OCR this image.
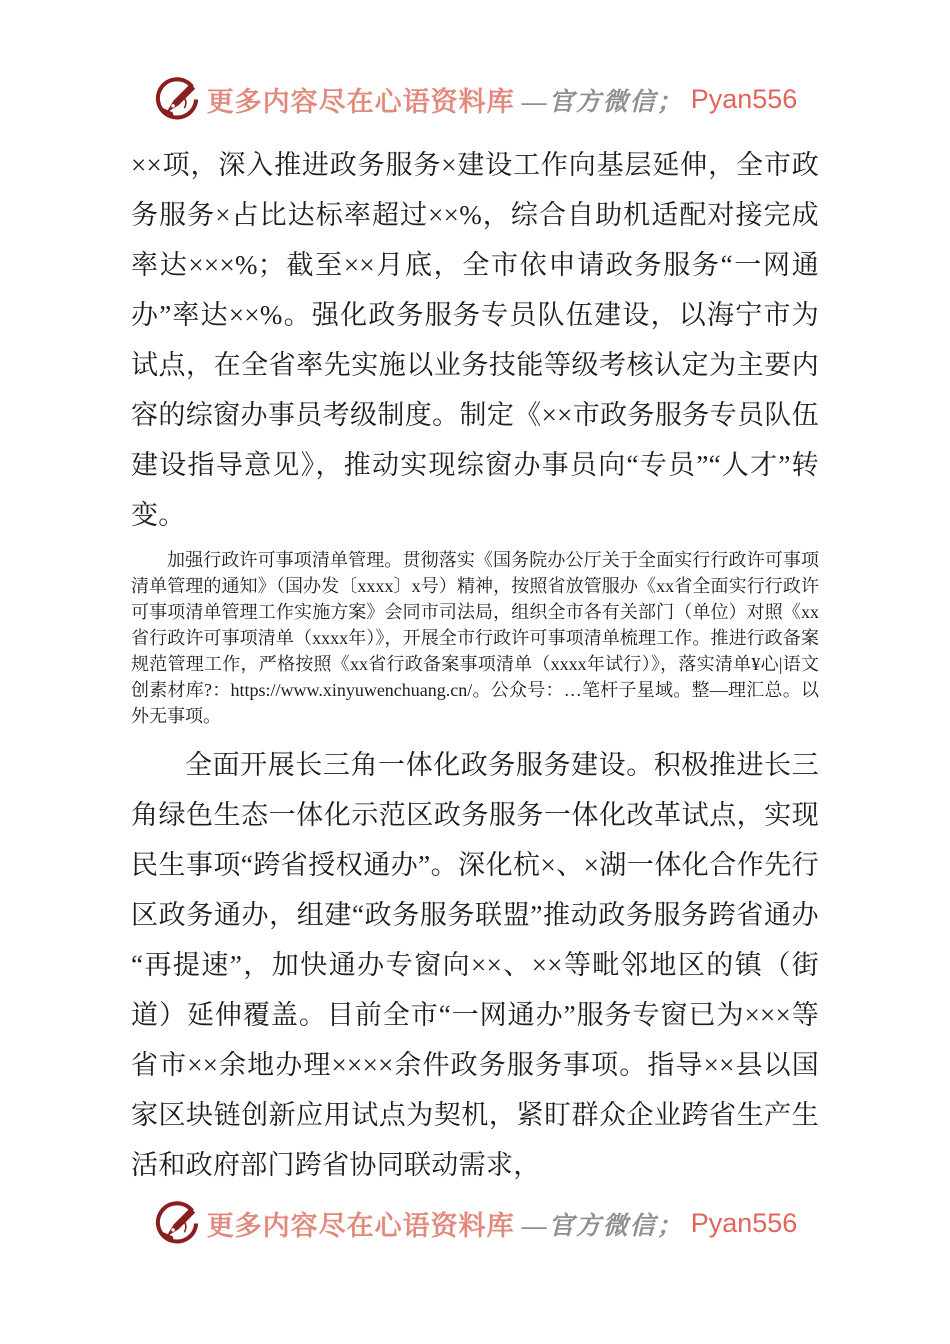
更多内容尽在心语资料库 —官方微信； Pyan556

××项，深入推进政务服务×建设工作向基层延伸，全市政务服务×占比达标率超过××%，综合自助机适配对接完成率达×××%；截至××月底，全市依申请政务服务“一网通办”率达××%。强化政务服务专员队伍建设，以海宁市为试点，在全省率先实施以业务技能等级考核认定为主要内容的综窗办事员考级制度。制定《××市政务服务专员队伍建设指导意见》，推动实现综窗办事员向“专员”“人才”转变。

加强行政许可事项清单管理。贯彻落实《国务院办公厅关于全面实行行政许可事项清单管理的通知》（国办发〔xxxx〕x号）精神，按照省放管服办《xx省全面实行行政许可事项清单管理工作实施方案》会同市司法局，组织全市各有关部门（单位）对照《xx省行政许可事项清单（xxxx年）》，开展全市行政许可事项清单梳理工作。推进行政备案规范管理工作，严格按照《xx省行政备案事项清单（xxxx年试行）》，落实清单¥心|语文创素材库?：https://www.xinyuwenchuang.cn/。公众号：…笔杆子星域。整—理汇总。以外无事项。

全面开展长三角一体化政务服务建设。积极推进长三角绿色生态一体化示范区政务服务一体化改革试点，实现民生事项“跨省授权通办”。深化杭×、×湖一体化合作先行区政务通办，组建“政务服务联盟”推动政务服务跨省通办“再提速”，加快通办专窗向××、××等毗邻地区的镇（街道）延伸覆盖。目前全市“一网通办”服务专窗已为×××等省市××余地办理××××余件政务服务事项。指导××县以国家区块链创新应用试点为契机，紧盯群众企业跨省生产生活和政府部门跨省协同联动需求，

更多内容尽在心语资料库 —官方微信； Pyan556
